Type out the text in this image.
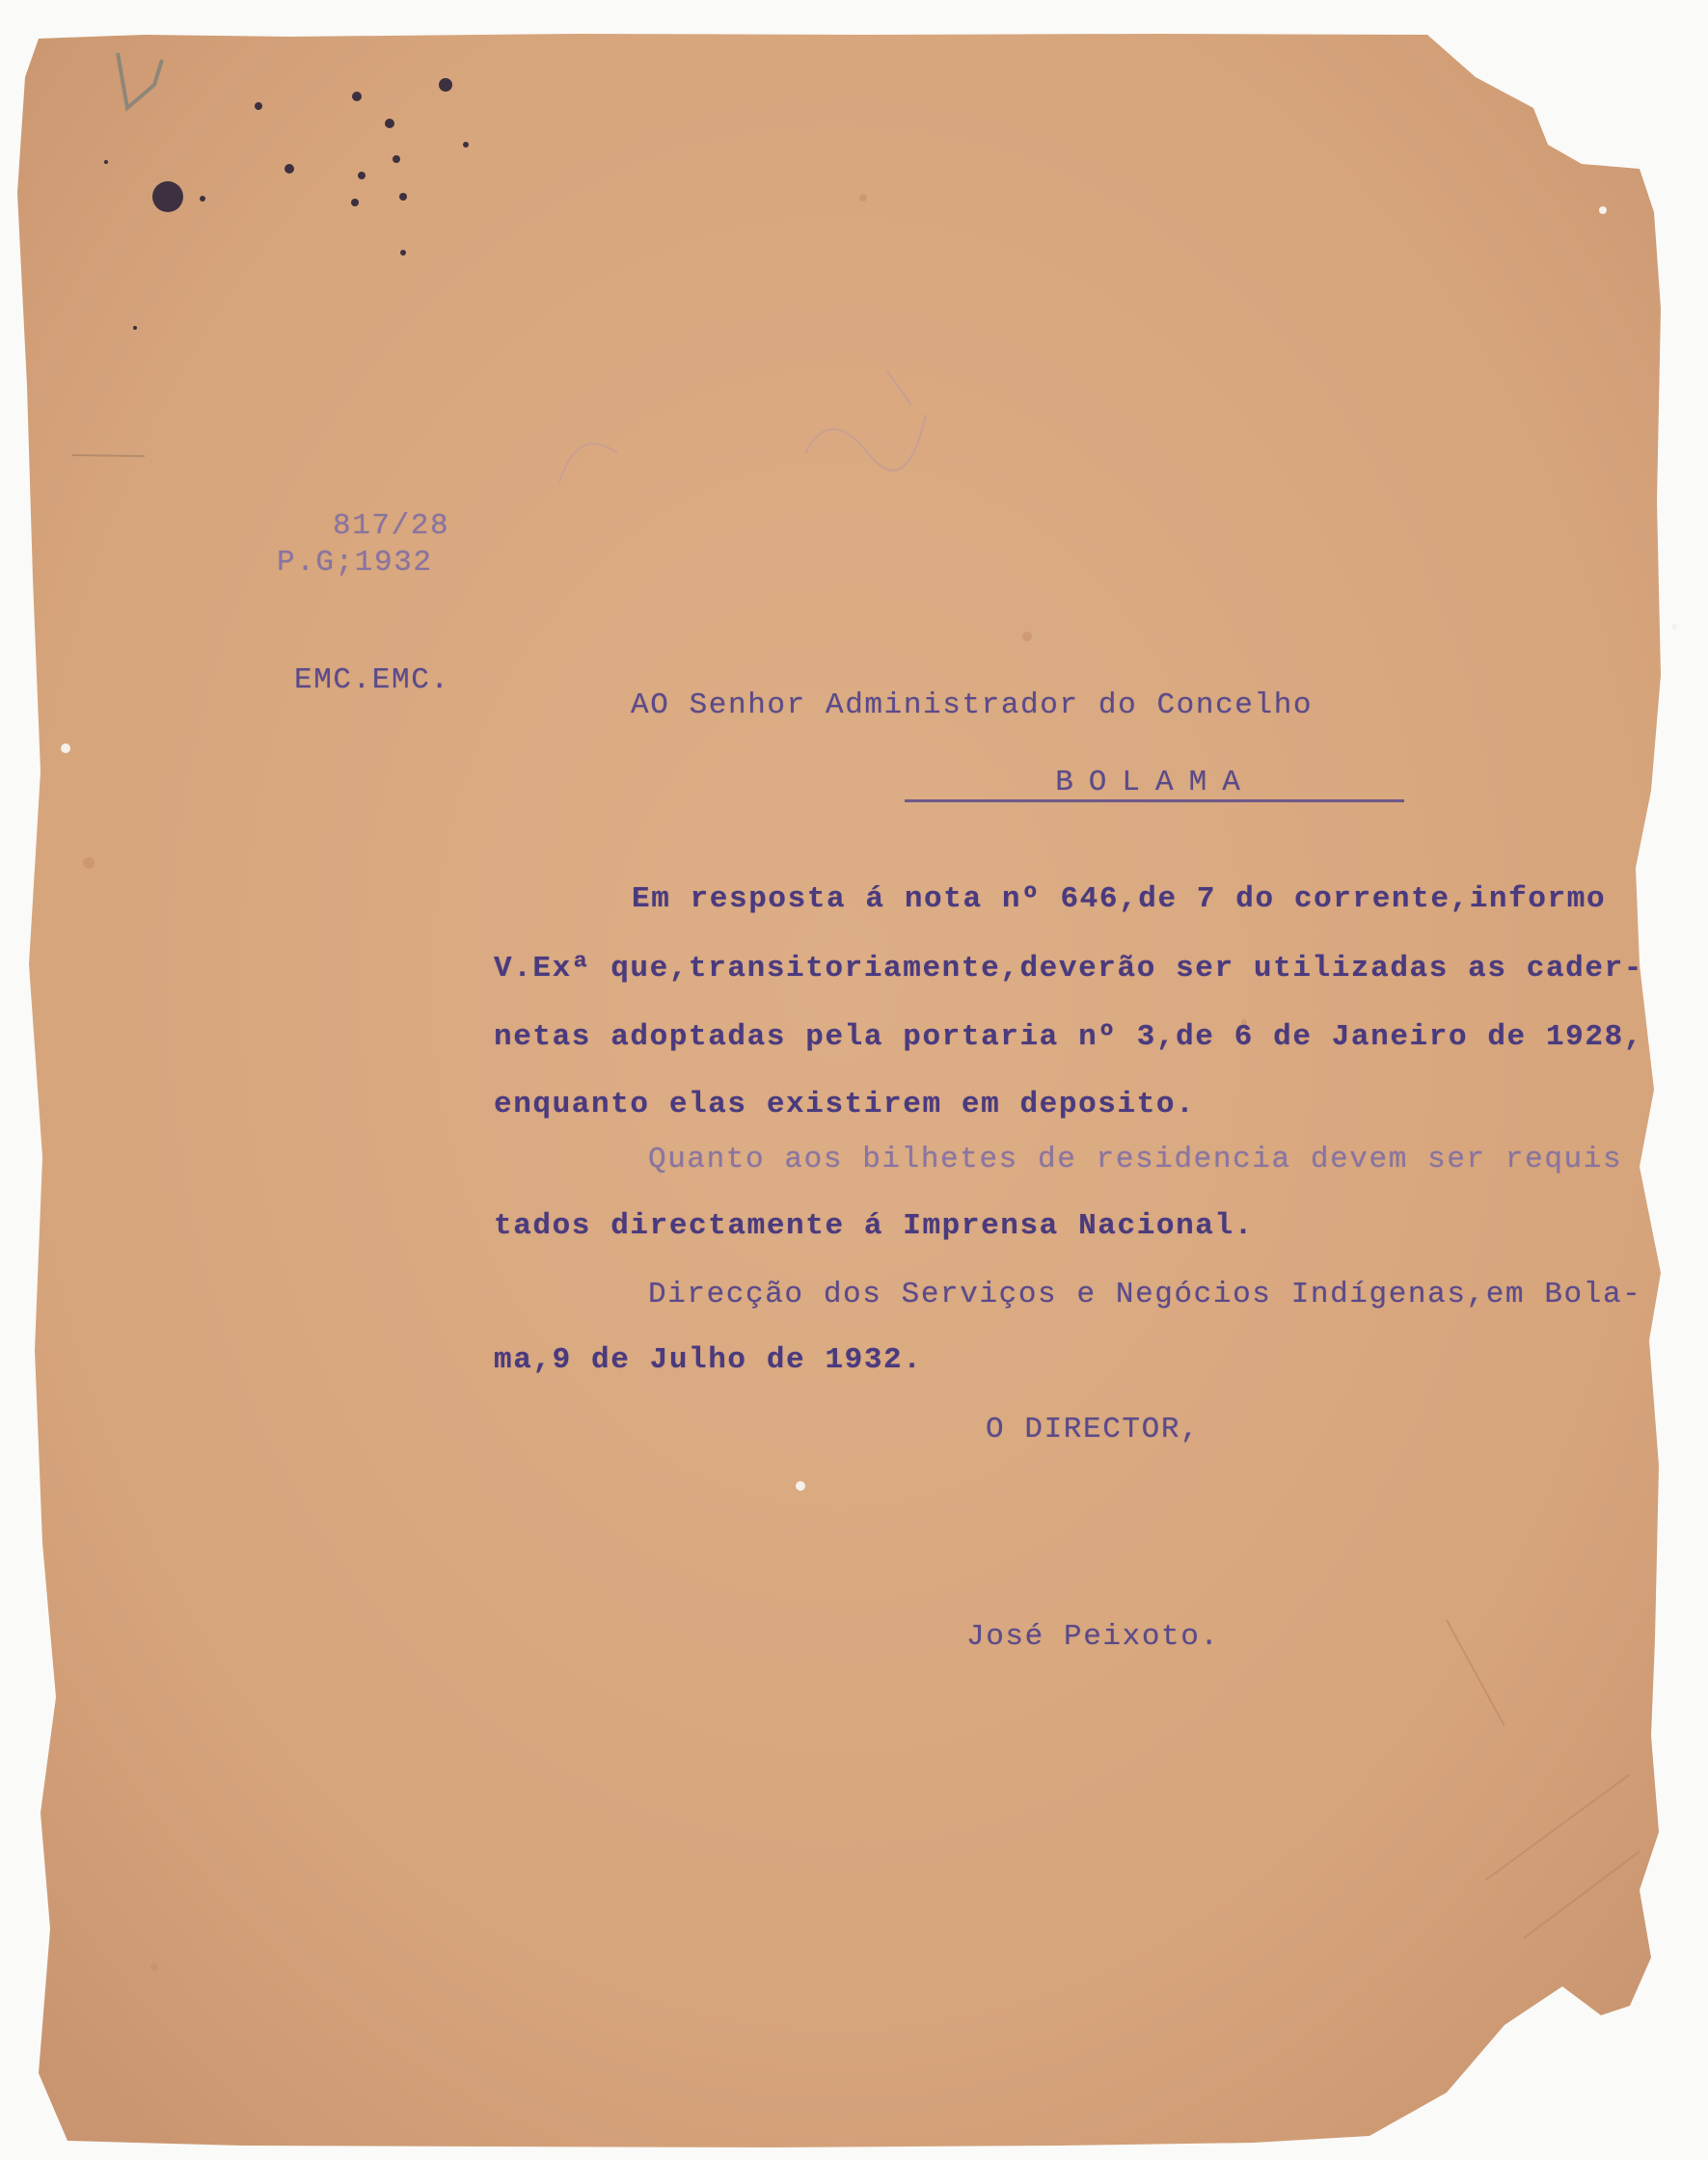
817/28
P.G;1932
EMC.EMC.
AO Senhor Administrador do Concelho
BOLAMA
Em resposta á nota nº 646,de 7 do corrente,informo
V.Exª que,transitoriamente,deverão ser utilizadas as cader-
netas adoptadas pela portaria nº 3,de 6 de Janeiro de 1928,
enquanto elas existirem em deposito.
Quanto aos bilhetes de residencia devem ser requis
tados directamente á Imprensa Nacional.
Direcção dos Serviços e Negócios Indígenas,em Bola-
ma,9 de Julho de 1932.
O DIRECTOR,
José Peixoto.
